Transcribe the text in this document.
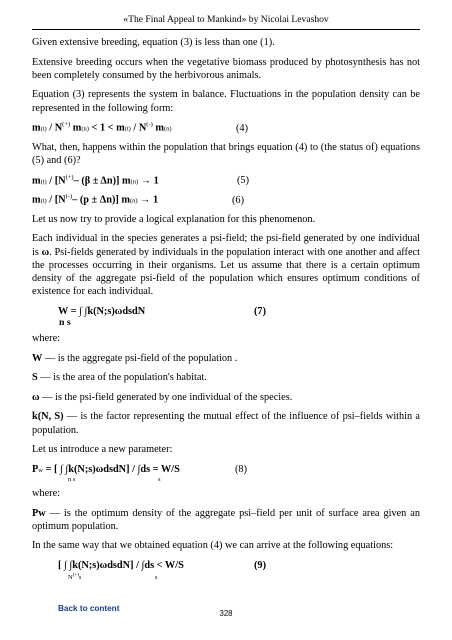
«The Final Appeal to Mankind» by Nicolai Levashov

Given extensive breeding, equation (3) is less than one (1).

Extensive breeding occurs when the vegetative biomass produced by photosynthesis has not been completely consumed by the herbivorous animals.

Equation (3) represents the system in balance. Fluctuations in the population density can be represented in the following form:

m(t) / N(+) m(n) < 1 < m(t) / N(-) m(n)	(4)

What, then, happens within the population that brings equation (4) to (the status of) equations (5) and (6)?

m(t) / [N(+)– (β ± Δn)] m(n) → 1	(5)
m(t) / [N(-)– (p ± Δn)] m(n) → 1	(6)

Let us now try to provide a logical explanation for this phenomenon.

Each individual in the species generates a psi-field; the psi-field generated by one individual is ω. Psi-fields generated by individuals in the population interact with one another and affect the processes occurring in their organisms. Let us assume that there is a certain optimum density of the aggregate psi-field of the population which ensures optimum conditions of existence for each individual.

W = ∫ ∫k(N;s)ωdsdN	(7)
n s

where:

W — is the aggregate psi-field of the population .

S — is the area of the population's habitat.

ω — is the psi-field generated by one individual of the species.

k(N, S) — is the factor representing the mutual effect of the influence of psi–fields within a population.

Let us introduce a new parameter:

Pw = [ ∫ ∫k(N;s)ωdsdN] / ∫ds = W/S	(8)
n s	s

where:

Pw — is the optimum density of the aggregate psi–field per unit of surface area given an optimum population.

In the same way that we obtained equation (4) we can arrive at the following equations:

[ ∫ ∫k(N;s)ωdsdN] / ∫ds < W/S	(9)
N(+)s	s
Back to content
328
